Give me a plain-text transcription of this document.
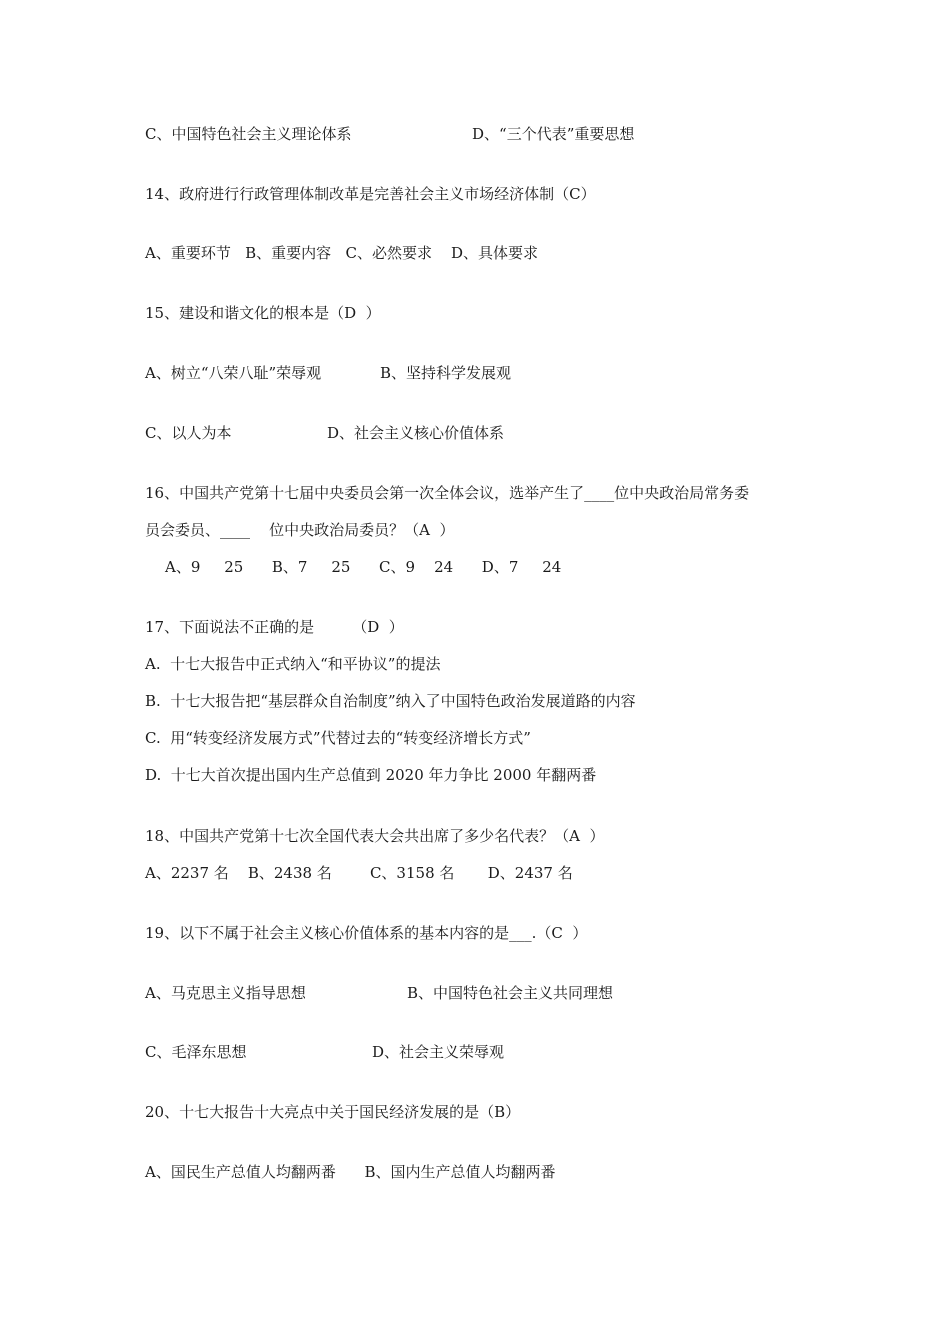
C、中国特色社会主义理论体系	D、“三个代表”重要思想
14、政府进行行政管理体制改革是完善社会主义市场经济体制（C）
A、重要环节   B、重要内容   C、必然要求    D、具体要求
15、建设和谐文化的根本是（D  ）
A、树立“八荣八耻”荣辱观	B、坚持科学发展观
C、以人为本	D、社会主义核心价值体系
16、中国共产党第十七届中央委员会第一次全体会议，选举产生了____位中央政治局常务委
员会委员、____    位中央政治局委员？（A  ）
A、9     25      B、7     25      C、9    24      D、7     24
17、下面说法不正确的是        （D  ）
A.  十七大报告中正式纳入“和平协议”的提法
B.  十七大报告把“基层群众自治制度”纳入了中国特色政治发展道路的内容
C.  用“转变经济发展方式”代替过去的“转变经济增长方式”
D.  十七大首次提出国内生产总值到 2020 年力争比 2000 年翻两番
18、中国共产党第十七次全国代表大会共出席了多少名代表？（A  ）
A、2237 名    B、2438 名        C、3158 名       D、2437 名
19、以下不属于社会主义核心价值体系的基本内容的是___.（C  ）
A、马克思主义指导思想	B、中国特色社会主义共同理想
C、毛泽东思想	D、社会主义荣辱观
20、十七大报告十大亮点中关于国民经济发展的是（B）
A、国民生产总值人均翻两番      B、国内生产总值人均翻两番
